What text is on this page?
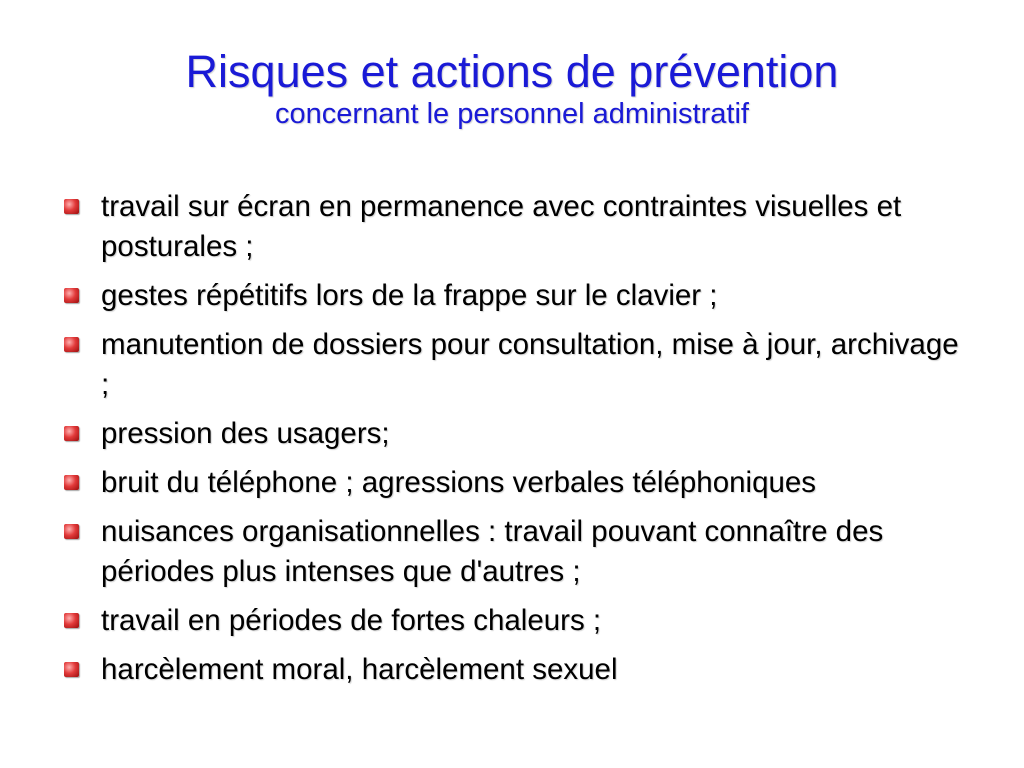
Risques et actions de prévention
concernant le personnel administratif
travail sur écran en permanence avec contraintes visuelles et posturales ;
gestes répétitifs lors de la frappe sur le clavier ;
manutention de dossiers pour consultation, mise à jour, archivage ;
pression des usagers;
bruit du téléphone ; agressions verbales téléphoniques
nuisances organisationnelles : travail pouvant connaître des périodes plus intenses que d'autres ;
travail en périodes de fortes chaleurs ;
harcèlement moral, harcèlement sexuel
